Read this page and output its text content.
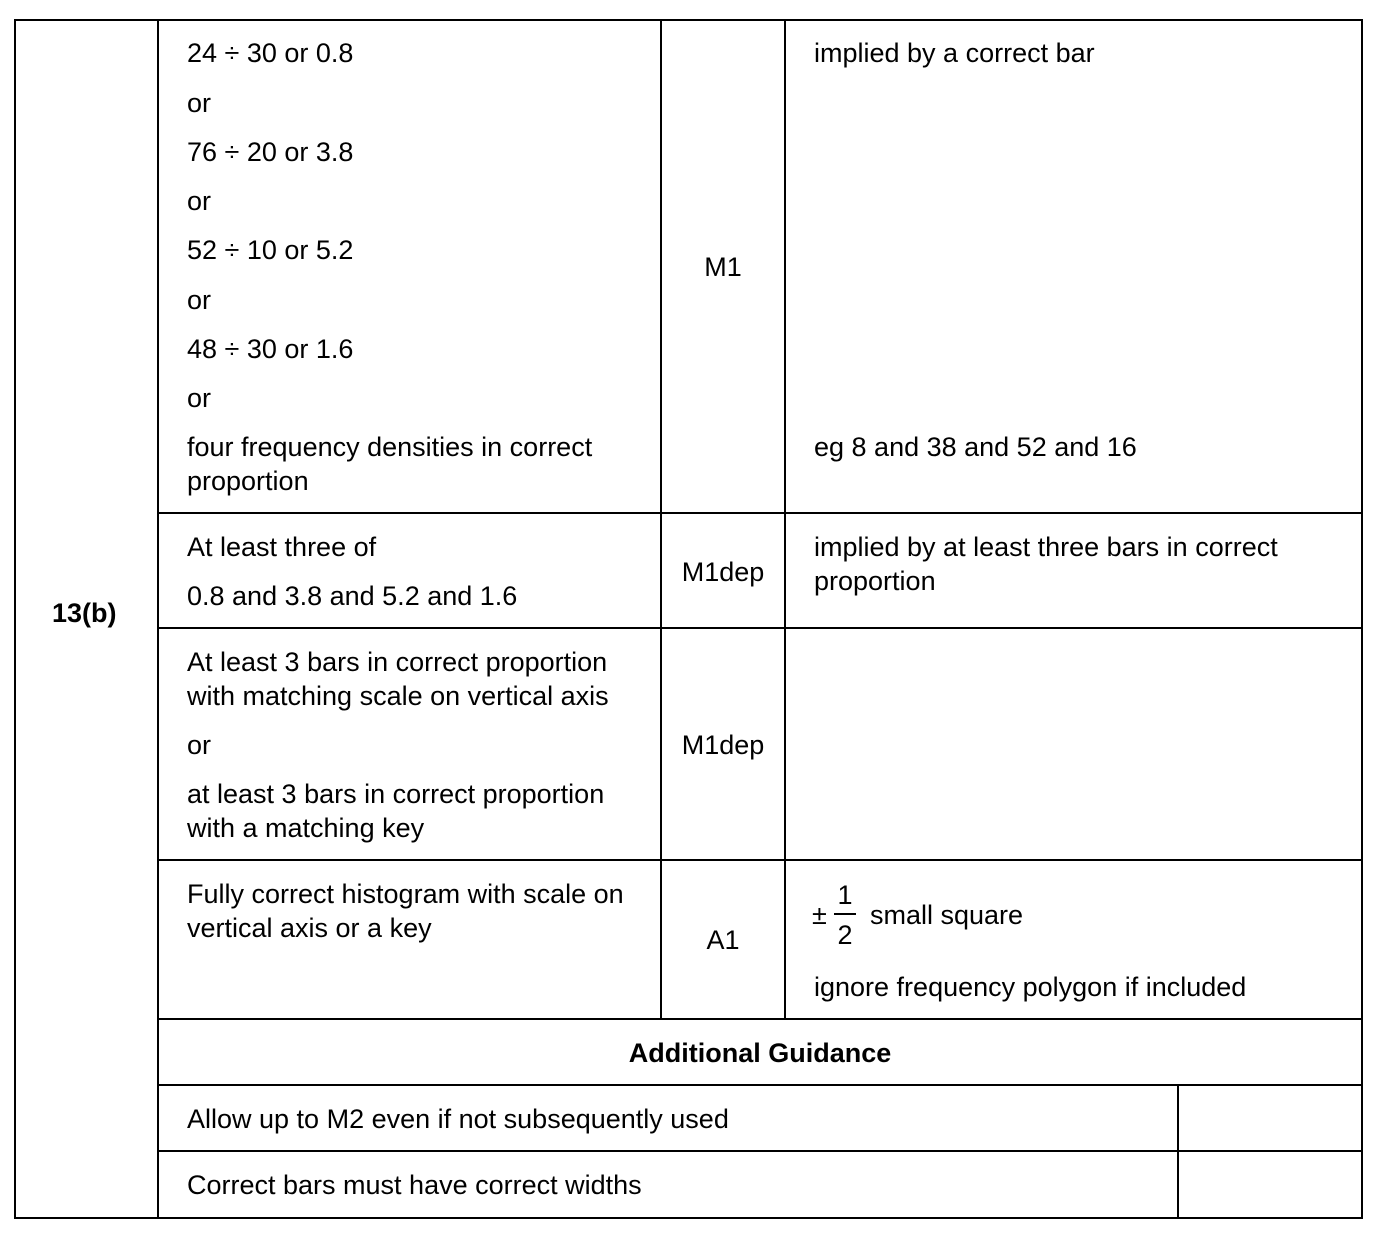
13(b)
24 ÷ 30 or 0.8
or
76 ÷ 20 or 3.8
or
52 ÷ 10 or 5.2
or
48 ÷ 30 or 1.6
or
four frequency densities in correct proportion
M1
implied by a correct bar
eg 8 and 38 and 52 and 16
At least three of
0.8 and 3.8 and 5.2 and 1.6
M1dep
implied by at least three bars in correct proportion
At least 3 bars in correct proportion with matching scale on vertical axis
or
at least 3 bars in correct proportion with a matching key
M1dep
Fully correct histogram with scale on vertical axis or a key	A1
±
1
2
small square
ignore frequency polygon if included
Additional Guidance
Allow up to M2 even if not subsequently used
Correct bars must have correct widths
